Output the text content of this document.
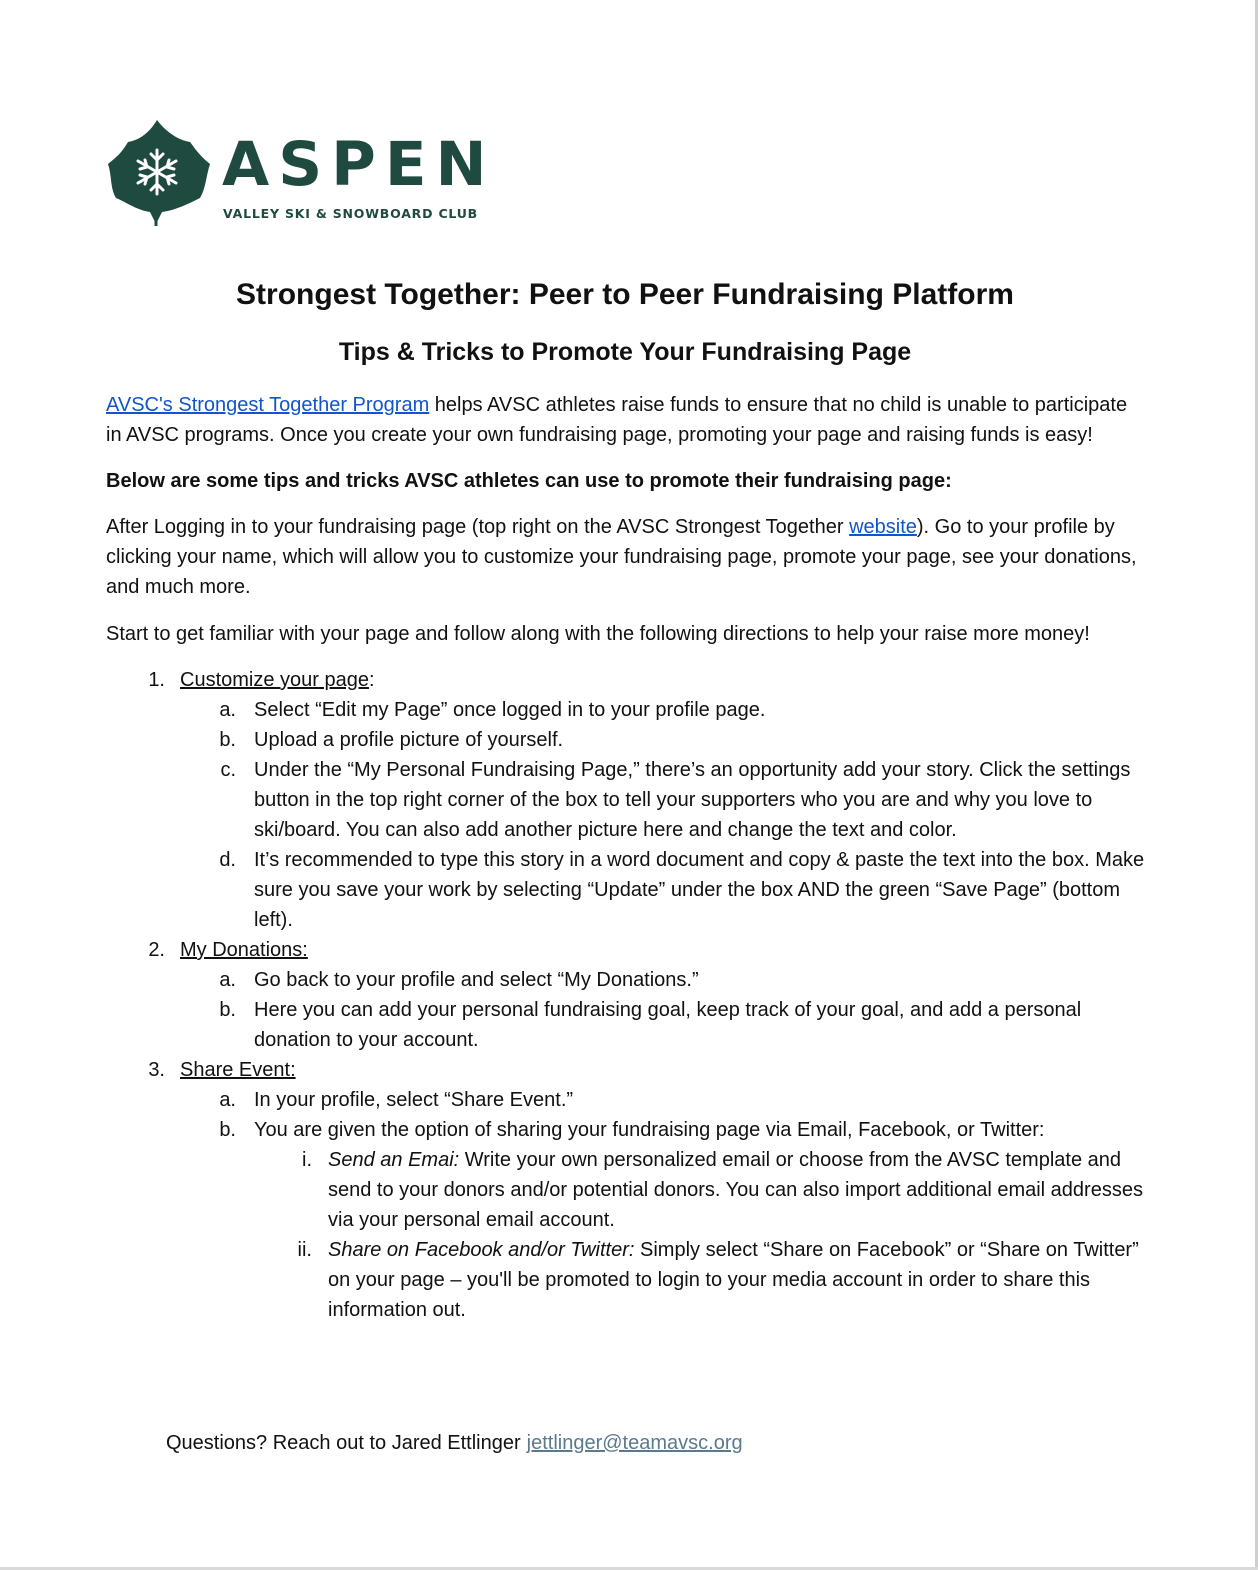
ASPEN
VALLEY SKI & SNOWBOARD CLUB
Strongest Together: Peer to Peer Fundraising Platform
Tips & Tricks to Promote Your Fundraising Page

AVSC's Strongest Together Program helps AVSC athletes raise funds to ensure that no child is unable to participate in AVSC programs. Once you create your own fundraising page, promoting your page and raising funds is easy!

Below are some tips and tricks AVSC athletes can use to promote their fundraising page:

After Logging in to your fundraising page (top right on the AVSC Strongest Together website). Go to your profile by clicking your name, which will allow you to customize your fundraising page, promote your page, see your donations, and much more.

Start to get familiar with your page and follow along with the following directions to help your raise more money!

1. Customize your page:
a. Select “Edit my Page” once logged in to your profile page.
b. Upload a profile picture of yourself.
c. Under the “My Personal Fundraising Page,” there’s an opportunity add your story. Click the settings button in the top right corner of the box to tell your supporters who you are and why you love to ski/board. You can also add another picture here and change the text and color.
d. It’s recommended to type this story in a word document and copy & paste the text into the box. Make sure you save your work by selecting “Update” under the box AND the green “Save Page” (bottom left).
2. My Donations:
a. Go back to your profile and select “My Donations.”
b. Here you can add your personal fundraising goal, keep track of your goal, and add a personal donation to your account.
3. Share Event:
a. In your profile, select “Share Event.”
b. You are given the option of sharing your fundraising page via Email, Facebook, or Twitter:
i. Send an Emai: Write your own personalized email or choose from the AVSC template and send to your donors and/or potential donors. You can also import additional email addresses via your personal email account.
ii. Share on Facebook and/or Twitter: Simply select “Share on Facebook” or “Share on Twitter” on your page – you'll be promoted to login to your media account in order to share this information out.
Questions? Reach out to Jared Ettlinger jettlinger@teamavsc.org
